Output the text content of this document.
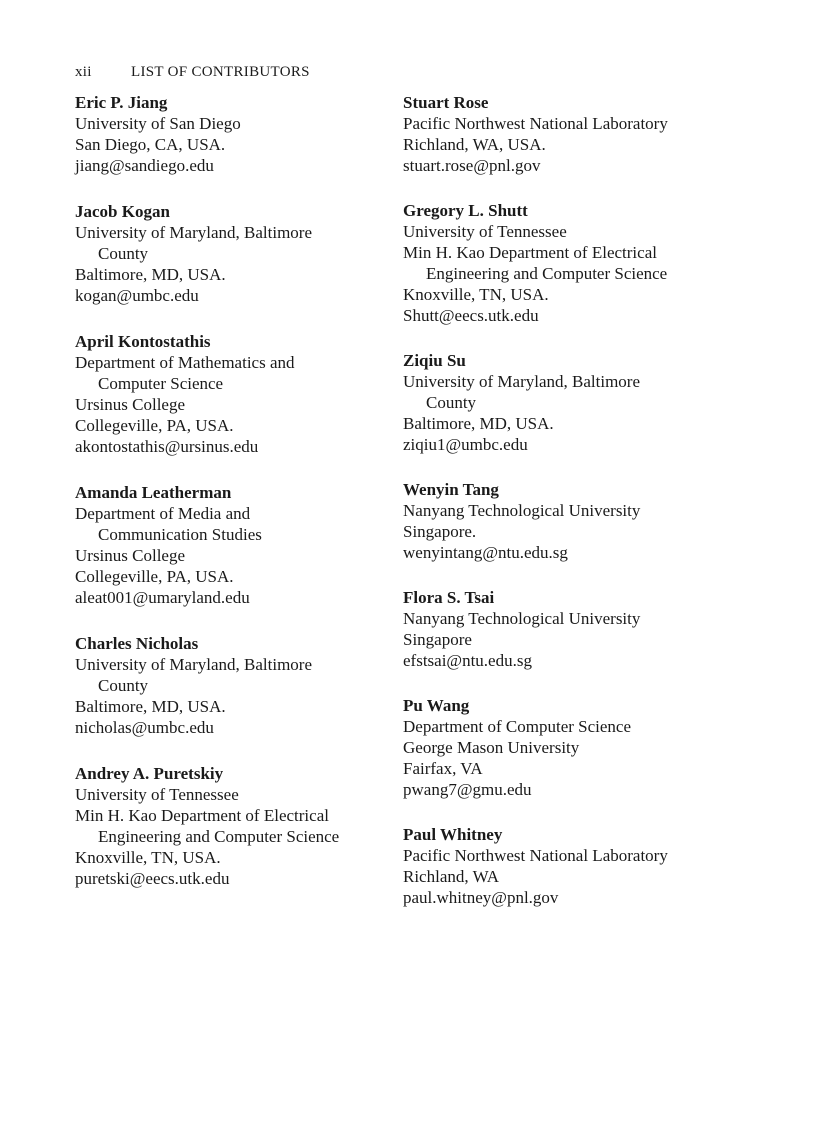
xii	LIST OF CONTRIBUTORS
Eric P. Jiang
University of San Diego
San Diego, CA, USA.
jiang@sandiego.edu
Jacob Kogan
University of Maryland, Baltimore
County
Baltimore, MD, USA.
kogan@umbc.edu
April Kontostathis
Department of Mathematics and
Computer Science
Ursinus College
Collegeville, PA, USA.
akontostathis@ursinus.edu
Amanda Leatherman
Department of Media and
Communication Studies
Ursinus College
Collegeville, PA, USA.
aleat001@umaryland.edu
Charles Nicholas
University of Maryland, Baltimore
County
Baltimore, MD, USA.
nicholas@umbc.edu
Andrey A. Puretskiy
University of Tennessee
Min H. Kao Department of Electrical
Engineering and Computer Science
Knoxville, TN, USA.
puretski@eecs.utk.edu
Stuart Rose
Pacific Northwest National Laboratory
Richland, WA, USA.
stuart.rose@pnl.gov
Gregory L. Shutt
University of Tennessee
Min H. Kao Department of Electrical
Engineering and Computer Science
Knoxville, TN, USA.
Shutt@eecs.utk.edu
Ziqiu Su
University of Maryland, Baltimore
County
Baltimore, MD, USA.
ziqiu1@umbc.edu
Wenyin Tang
Nanyang Technological University
Singapore.
wenyintang@ntu.edu.sg
Flora S. Tsai
Nanyang Technological University
Singapore
efstsai@ntu.edu.sg
Pu Wang
Department of Computer Science
George Mason University
Fairfax, VA
pwang7@gmu.edu
Paul Whitney
Pacific Northwest National Laboratory
Richland, WA
paul.whitney@pnl.gov
